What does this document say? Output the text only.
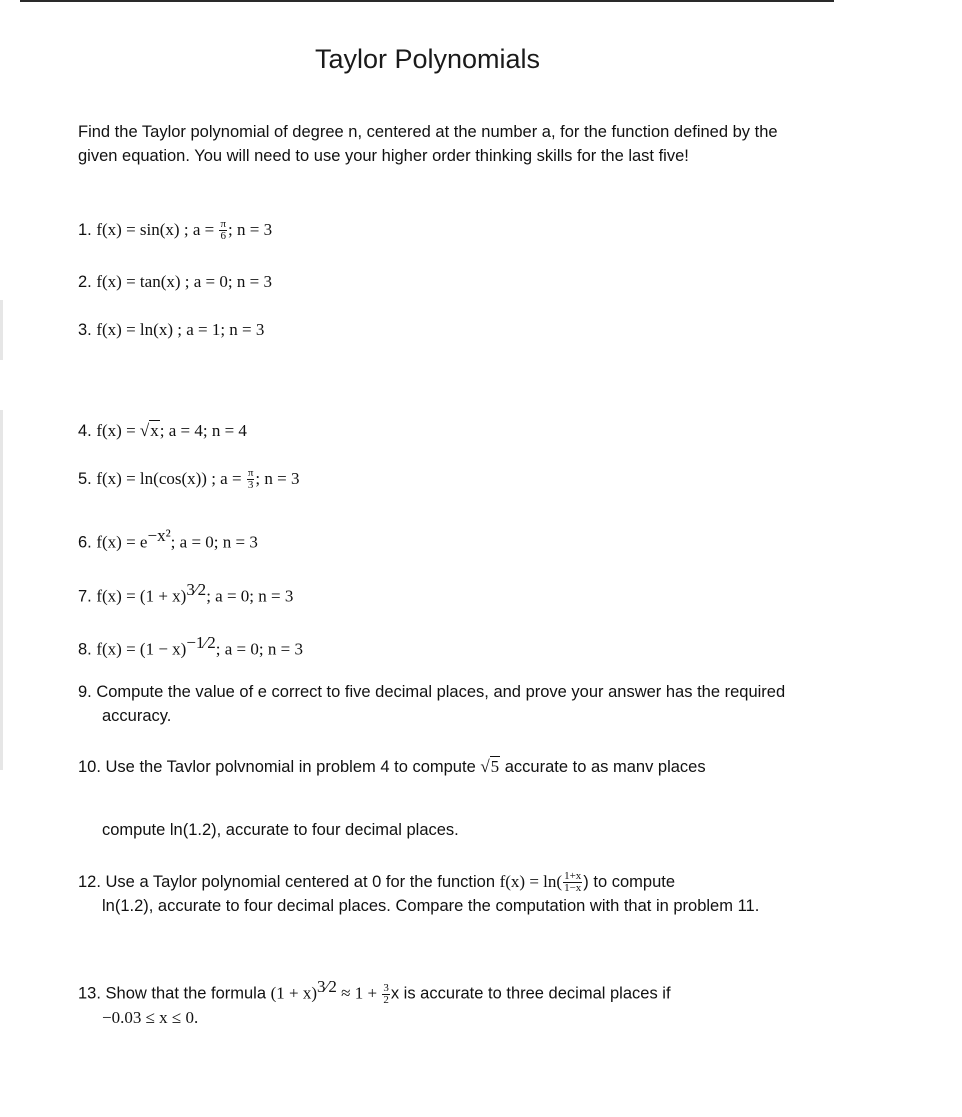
Taylor Polynomials
Find the Taylor polynomial of degree n, centered at the number a, for the function defined by the given equation. You will need to use your higher order thinking skills for the last five!
1. f(x) = sin(x) ; $a = \frac{\pi}{6}$ ; n = 3
2. f(x) = tan(x) ; a = 0; n = 3
3. f(x) = ln(x) ; a = 1; n = 3
4. f(x) = √x; a = 4; n = 4
5. f(x) = ln(cos(x)) ; $a = \frac{\pi}{3}$ ; n = 3
6. $f(x) = e^{-x^2}$; a = 0; n = 3
7. $f(x) = (1 + x)^{3⁄2}$; a = 0; n = 3
8. $f(x) = (1 - x)^{-1⁄2}$; a = 0; n = 3
9. Compute the value of e correct to five decimal places, and prove your answer has the required accuracy.
10. Use the Tavlor polvnomial in problem 4 to compute √5 accurate to as manv places
compute ln(1.2), accurate to four decimal places.
12. Use a Taylor polynomial centered at 0 for the function $f(x) = \ln( \frac{1+x}{1-x}$ ) to compute
ln(1.2), accurate to four decimal places. Compare the computation with that in problem 11.
13. Show that the formula $(1 + x)^{3⁄2} \approx 1 + \frac{3}{2}$ x is accurate to three decimal places if
−0.03 ≤ x ≤ 0.
